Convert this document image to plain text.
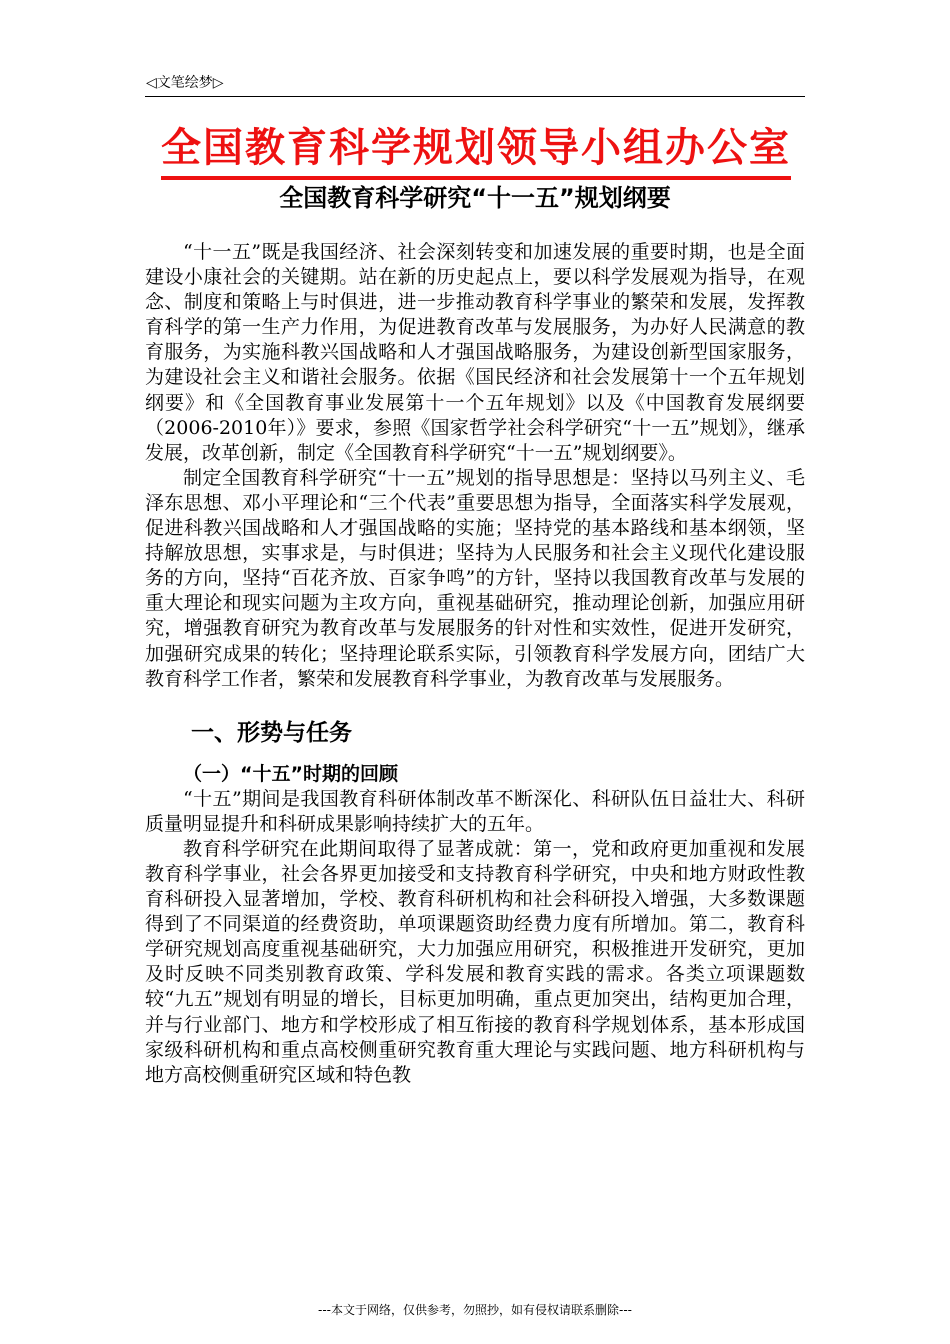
◁文笔绘梦▷
全国教育科学规划领导小组办公室
全国教育科学研究“十一五”规划纲要

“十一五”既是我国经济、社会深刻转变和加速发展的重要时期，也是全面建设小康社会的关键期。站在新的历史起点上，要以科学发展观为指导，在观念、制度和策略上与时俱进，进一步推动教育科学事业的繁荣和发展，发挥教育科学的第一生产力作用，为促进教育改革与发展服务，为办好人民满意的教育服务，为实施科教兴国战略和人才强国战略服务，为建设创新型国家服务，为建设社会主义和谐社会服务。依据《国民经济和社会发展第十一个五年规划纲要》和《全国教育事业发展第十一个五年规划》以及《中国教育发展纲要（2006-2010年）》要求，参照《国家哲学社会科学研究“十一五”规划》，继承发展，改革创新，制定《全国教育科学研究“十一五”规划纲要》。

制定全国教育科学研究“十一五”规划的指导思想是：坚持以马列主义、毛泽东思想、邓小平理论和“三个代表”重要思想为指导，全面落实科学发展观，促进科教兴国战略和人才强国战略的实施；坚持党的基本路线和基本纲领，坚持解放思想，实事求是，与时俱进；坚持为人民服务和社会主义现代化建设服务的方向，坚持“百花齐放、百家争鸣”的方针，坚持以我国教育改革与发展的重大理论和现实问题为主攻方向，重视基础研究，推动理论创新，加强应用研究，增强教育研究为教育改革与发展服务的针对性和实效性，促进开发研究，加强研究成果的转化；坚持理论联系实际，引领教育科学发展方向，团结广大教育科学工作者，繁荣和发展教育科学事业，为教育改革与发展服务。

一、形势与任务
（一）“十五”时期的回顾

“十五”期间是我国教育科研体制改革不断深化、科研队伍日益壮大、科研质量明显提升和科研成果影响持续扩大的五年。

教育科学研究在此期间取得了显著成就：第一，党和政府更加重视和发展教育科学事业，社会各界更加接受和支持教育科学研究，中央和地方财政性教育科研投入显著增加，学校、教育科研机构和社会科研投入增强，大多数课题得到了不同渠道的经费资助，单项课题资助经费力度有所增加。第二，教育科学研究规划高度重视基础研究，大力加强应用研究，积极推进开发研究，更加及时反映不同类别教育政策、学科发展和教育实践的需求。各类立项课题数较“九五”规划有明显的增长，目标更加明确，重点更加突出，结构更加合理，并与行业部门、地方和学校形成了相互衔接的教育科学规划体系，基本形成国家级科研机构和重点高校侧重研究教育重大理论与实践问题、地方科研机构与地方高校侧重研究区域和特色教

---本文于网络，仅供参考，勿照抄，如有侵权请联系删除---
